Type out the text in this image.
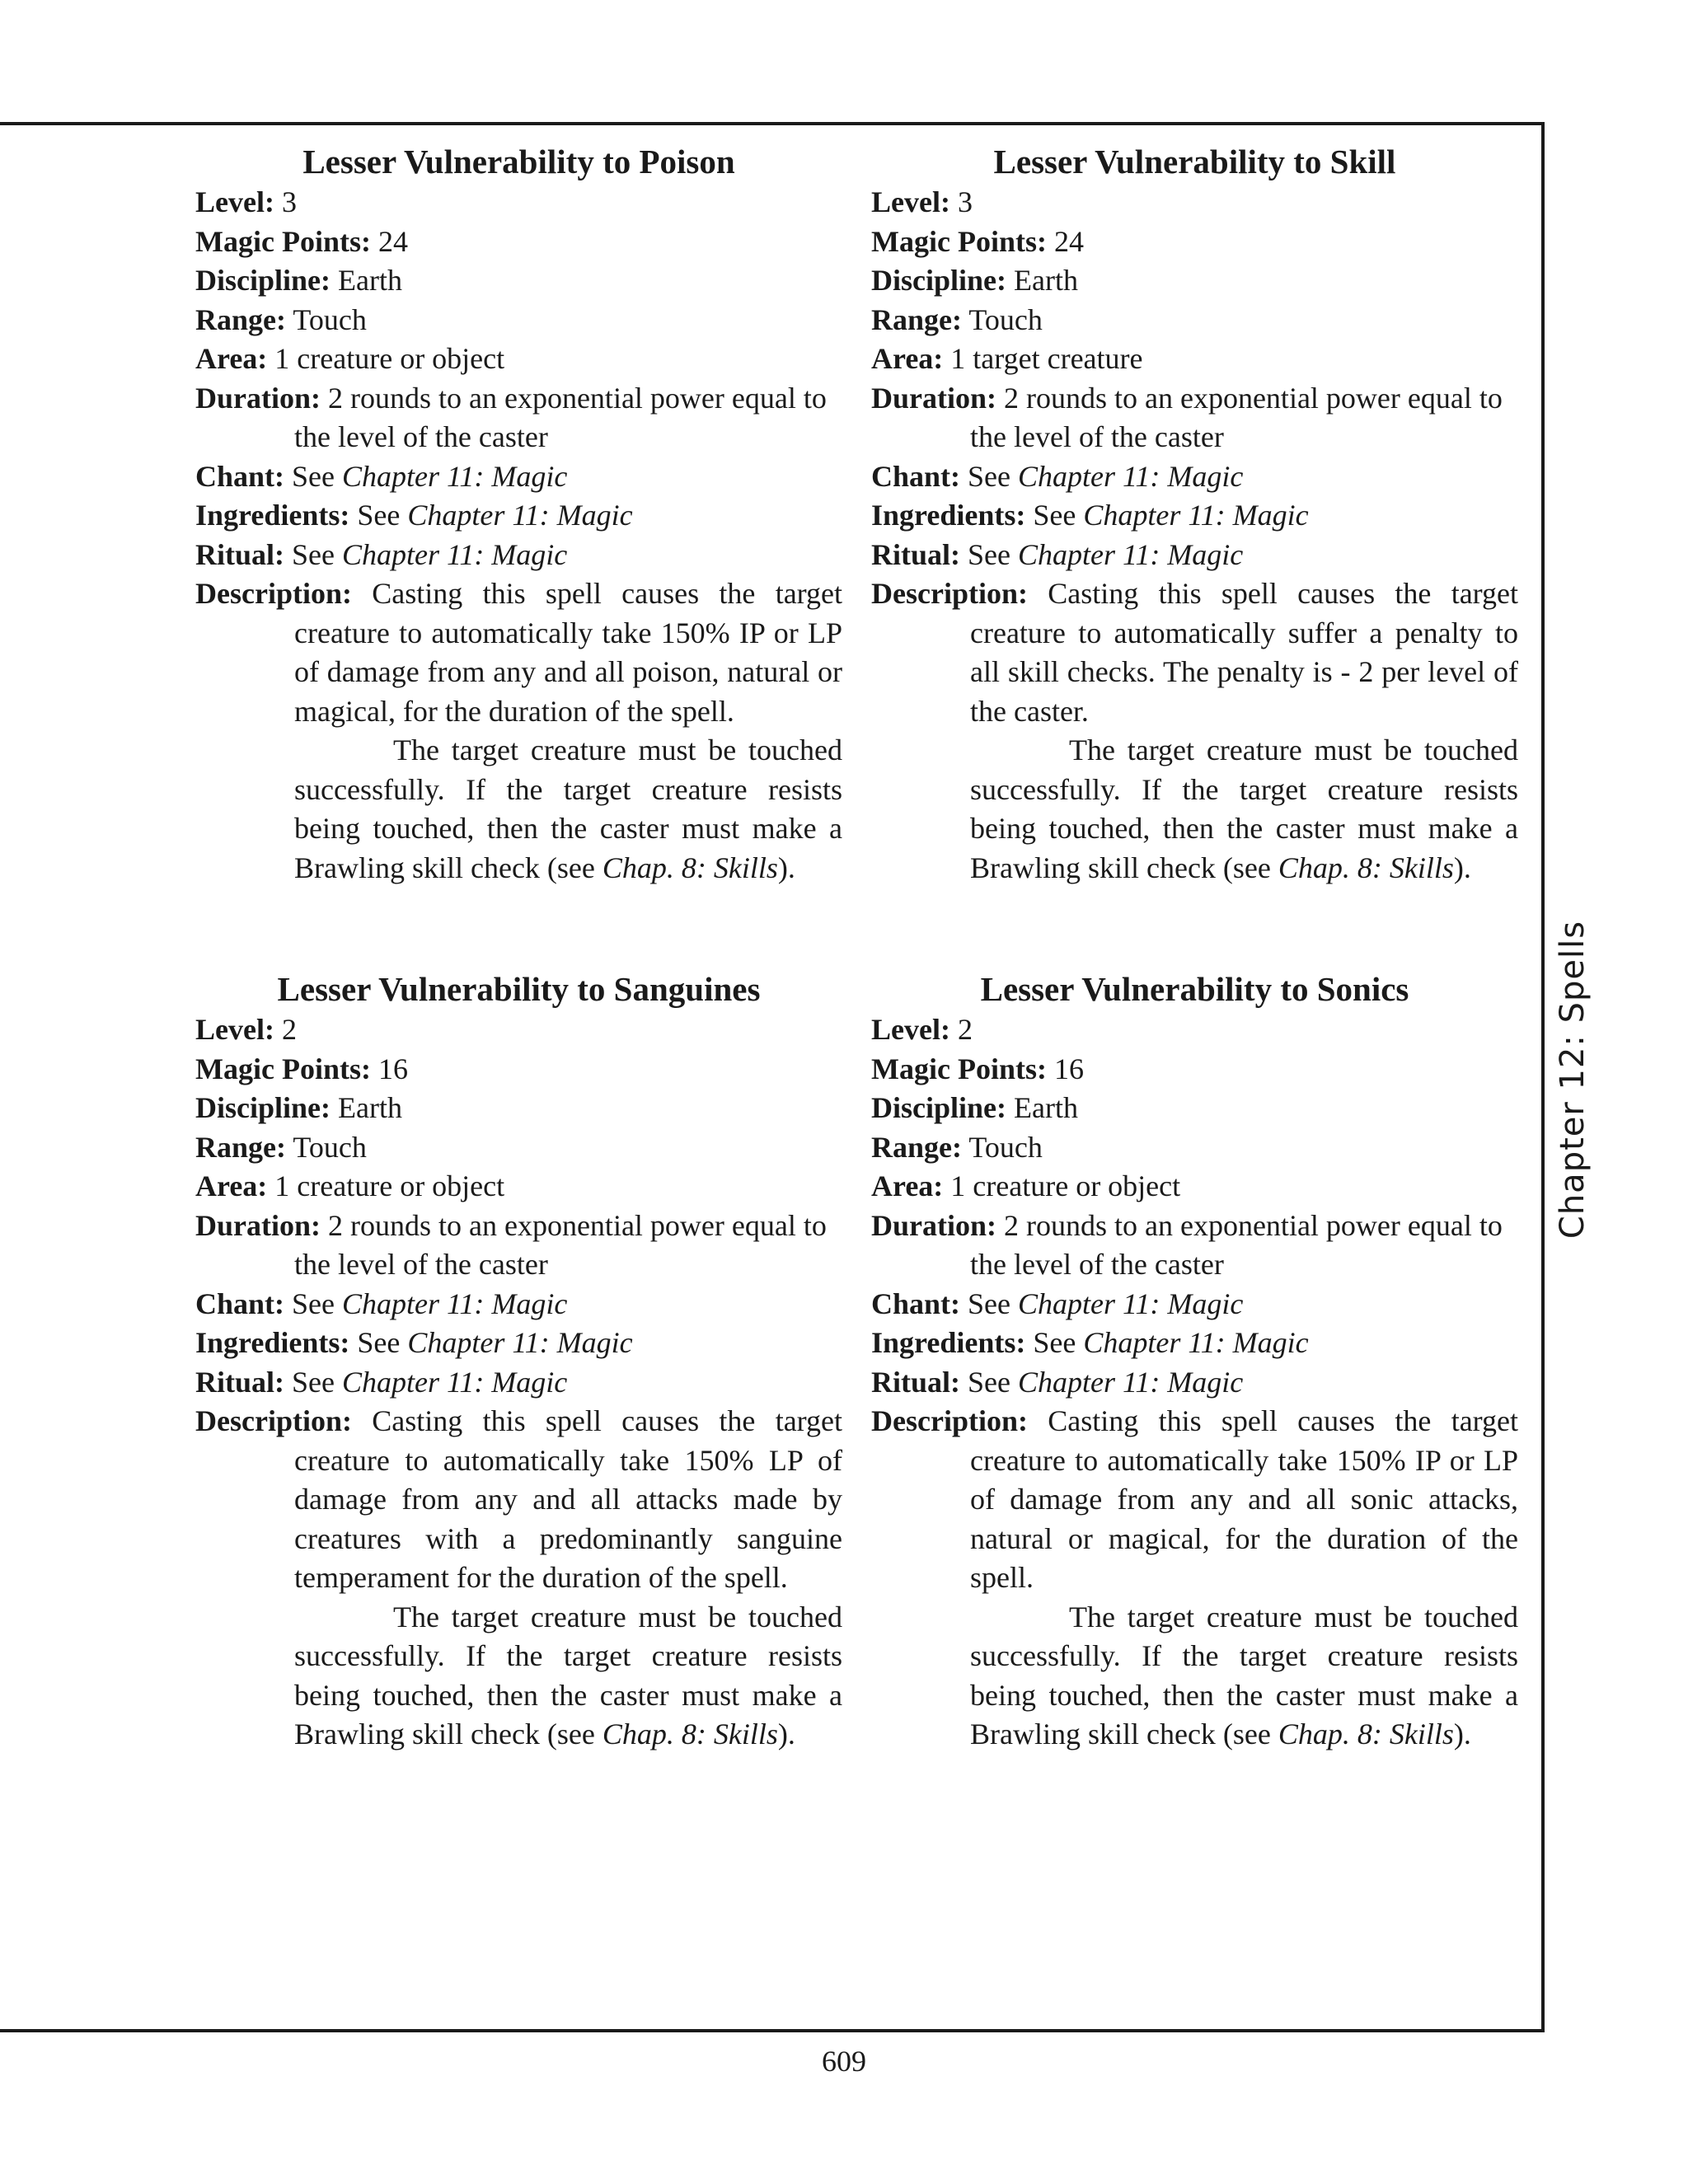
Chapter 12: Spells
Lesser Vulnerability to Poison

Level: 3

Magic Points: 24

Discipline: Earth

Range: Touch

Area: 1 creature or object

Duration: 2 rounds to an exponential power equal to the level of the caster

Chant: See Chapter 11: Magic

Ingredients: See Chapter 11: Magic

Ritual: See Chapter 11: Magic

Description: Casting this spell causes the target creature to automatically take 150% IP or LP of damage from any and all poison, natural or magical, for the duration of the spell.

The target creature must be touched successfully. If the target creature resists being touched, then the caster must make a Brawling skill check (see Chap. 8: Skills).

Lesser Vulnerability to Skill

Level: 3

Magic Points: 24

Discipline: Earth

Range: Touch

Area: 1 target creature

Duration: 2 rounds to an exponential power equal to the level of the caster

Chant: See Chapter 11: Magic

Ingredients: See Chapter 11: Magic

Ritual: See Chapter 11: Magic

Description: Casting this spell causes the target creature to automatically suffer a penalty to all skill checks. The penalty is - 2 per level of the caster.

The target creature must be touched successfully. If the target creature resists being touched, then the caster must make a Brawling skill check (see Chap. 8: Skills).

Lesser Vulnerability to Sanguines

Level: 2

Magic Points: 16

Discipline: Earth

Range: Touch

Area: 1 creature or object

Duration: 2 rounds to an exponential power equal to the level of the caster

Chant: See Chapter 11: Magic

Ingredients: See Chapter 11: Magic

Ritual: See Chapter 11: Magic

Description: Casting this spell causes the target creature to automatically take 150% LP of damage from any and all attacks made by creatures with a predominantly sanguine temperament for the duration of the spell.

The target creature must be touched successfully. If the target creature resists being touched, then the caster must make a Brawling skill check (see Chap. 8: Skills).

Lesser Vulnerability to Sonics

Level: 2

Magic Points: 16

Discipline: Earth

Range: Touch

Area: 1 creature or object

Duration: 2 rounds to an exponential power equal to the level of the caster

Chant: See Chapter 11: Magic

Ingredients: See Chapter 11: Magic

Ritual: See Chapter 11: Magic

Description: Casting this spell causes the target creature to automatically take 150% IP or LP of damage from any and all sonic attacks, natural or magical, for the duration of the spell.

The target creature must be touched successfully. If the target creature resists being touched, then the caster must make a Brawling skill check (see Chap. 8: Skills).

609
